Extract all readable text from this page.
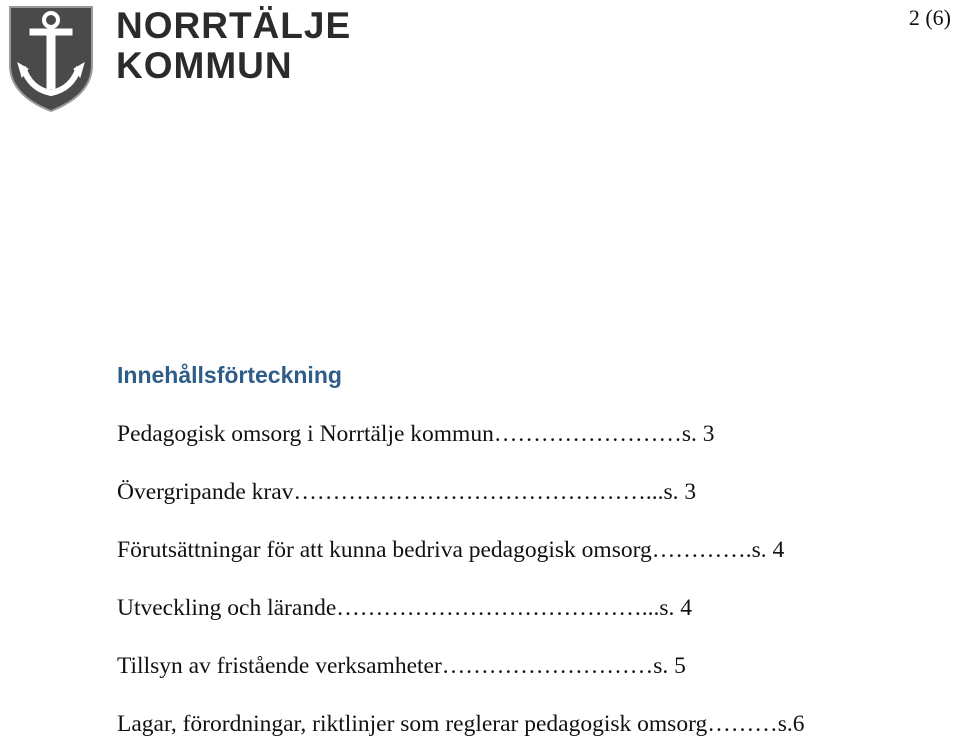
NORRTÄLJE
KOMMUN
2 (6)
Innehållsförteckning
Pedagogisk omsorg i Norrtälje kommun……………………s. 3
Övergripande krav………………………………………...s. 3
Förutsättningar för att kunna bedriva pedagogisk omsorg………….s. 4
Utveckling och lärande…………………………………...s. 4
Tillsyn av fristående verksamheter………………………s. 5
Lagar, förordningar, riktlinjer som reglerar pedagogisk omsorg………s.6
